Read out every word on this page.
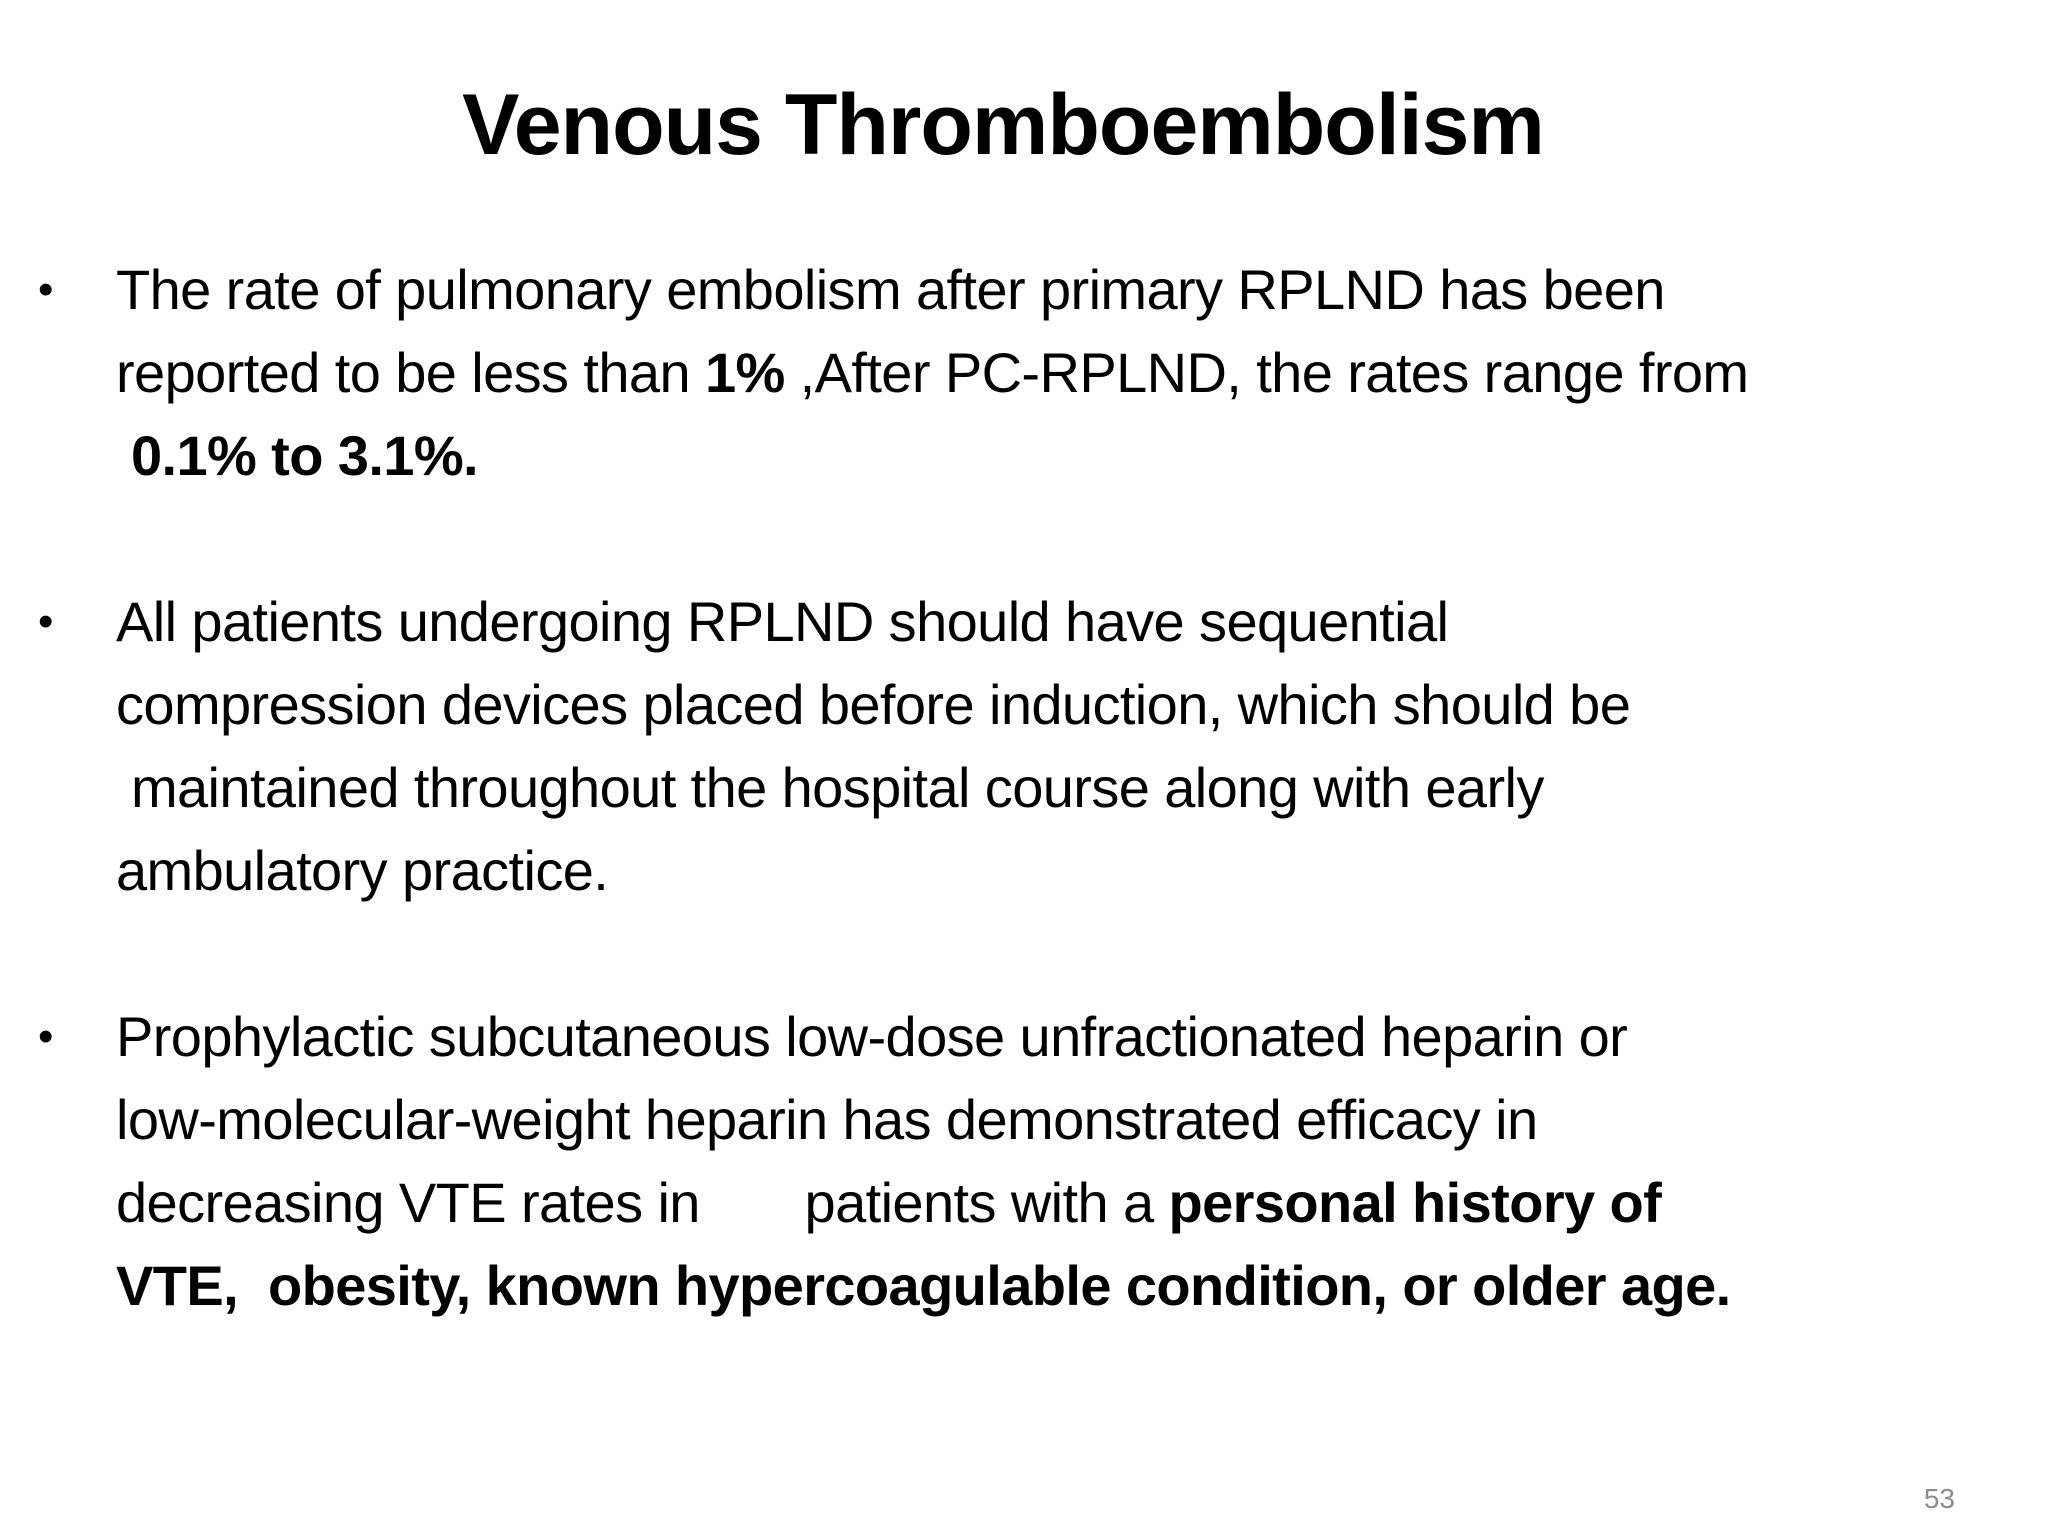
Venous Thromboembolism
• The rate of pulmonary embolism after primary RPLND has been
reported to be less than 1% ,After PC-RPLND, the rates range from
0.1% to 3.1%.
• All patients undergoing RPLND should have sequential
compression devices placed before induction, which should be
maintained throughout the hospital course along with early
ambulatory practice.
• Prophylactic subcutaneous low-dose unfractionated heparin or
low-molecular-weight heparin has demonstrated efficacy in
decreasing VTE rates in       patients with a personal history of
VTE,  obesity, known hypercoagulable condition, or older age.
53
